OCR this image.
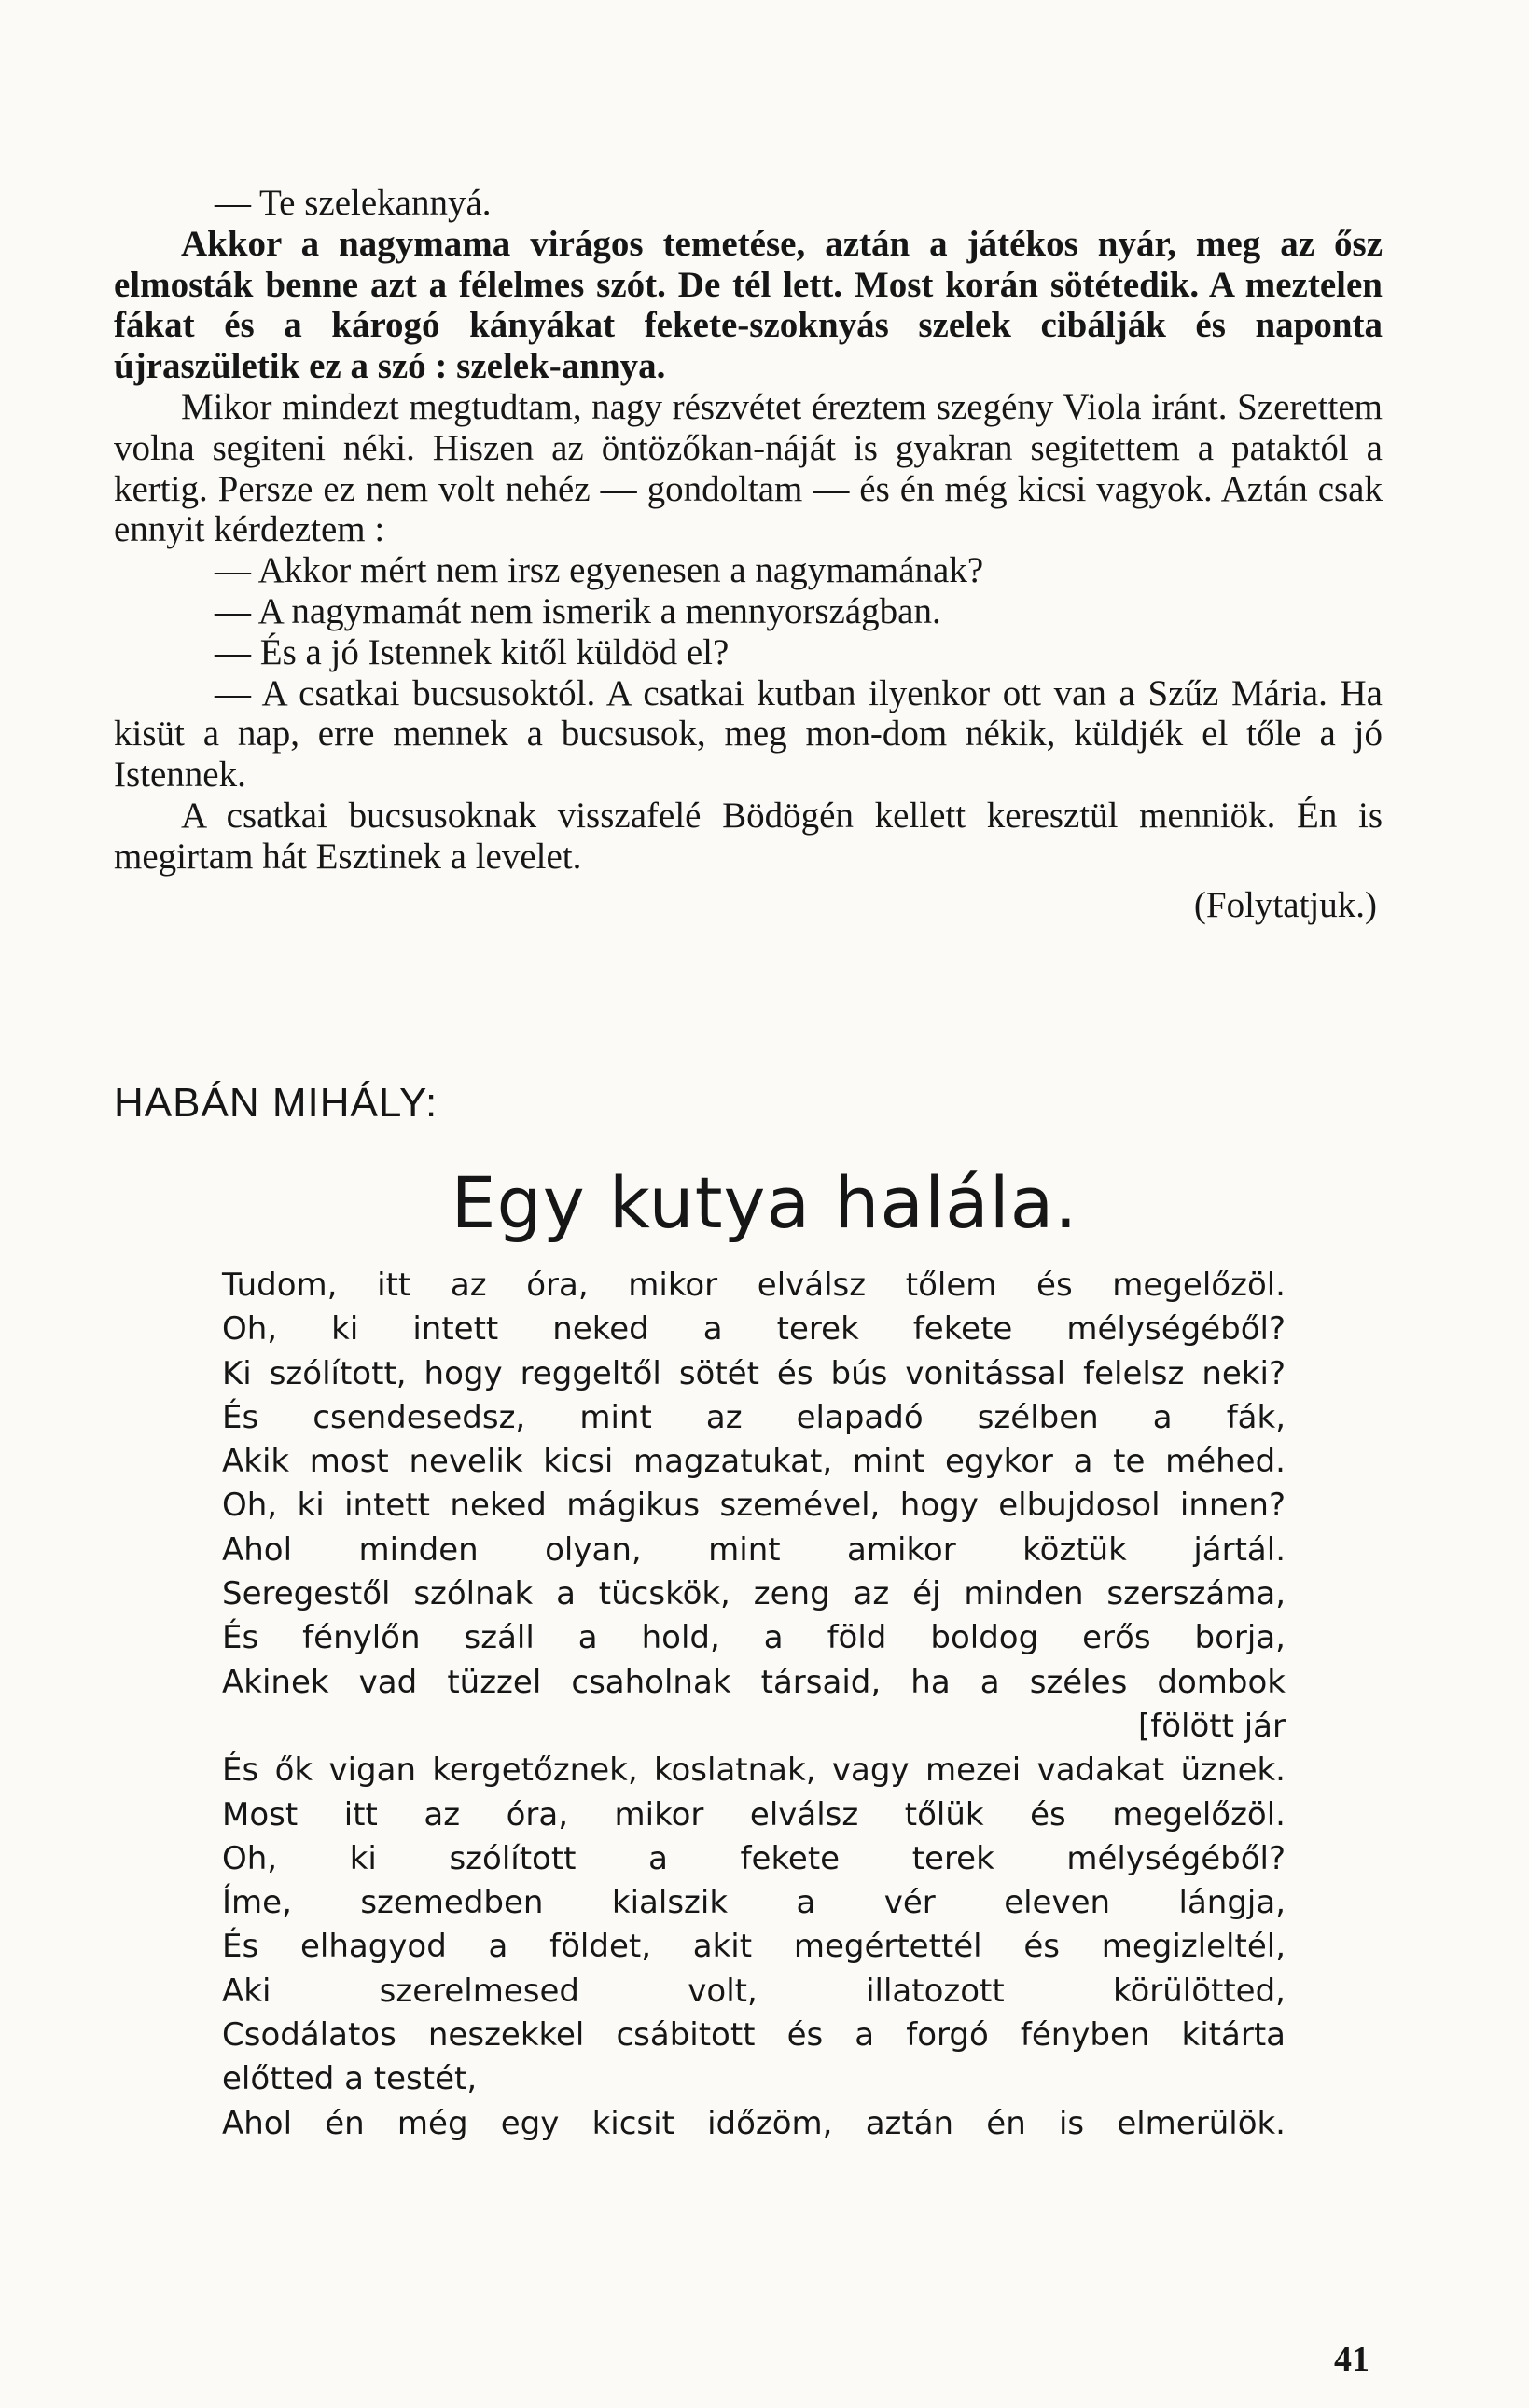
— Te szelekannyá.

Akkor a nagymama virágos temetése, aztán a játékos nyár, meg az ősz elmosták benne azt a félelmes szót. De tél lett. Most korán sötétedik. A meztelen fákat és a károgó kányákat fekete-szoknyás szelek cibálják és naponta újraszületik ez a szó : szelek-annya.

Mikor mindezt megtudtam, nagy részvétet éreztem szegény Viola iránt. Szerettem volna segiteni néki. Hiszen az öntözőkan-náját is gyakran segitettem a pataktól a kertig. Persze ez nem volt nehéz — gondoltam — és én még kicsi vagyok. Aztán csak ennyit kérdeztem :

— Akkor mért nem irsz egyenesen a nagymamának?

— A nagymamát nem ismerik a mennyországban.

— És a jó Istennek kitől küldöd el?

— A csatkai bucsusoktól. A csatkai kutban ilyenkor ott van a Szűz Mária. Ha kisüt a nap, erre mennek a bucsusok, meg mon-dom nékik, küldjék el tőle a jó Istennek.

A csatkai bucsusoknak visszafelé Bödögén kellett keresztül menniök. Én is megirtam hát Esztinek a levelet.

(Folytatjuk.)
HABÁN MIHÁLY:
Egy kutya halála.
Tudom, itt az óra, mikor elválsz tőlem és megelőzöl.
Oh, ki intett neked a terek fekete mélységéből?
Ki szólított, hogy reggeltől sötét és bús vonitással felelsz neki?
És csendesedsz, mint az elapadó szélben a fák,
Akik most nevelik kicsi magzatukat, mint egykor a te méhed.
Oh, ki intett neked mágikus szemével, hogy elbujdosol innen?
Ahol minden olyan, mint amikor köztük jártál.
Seregestől szólnak a tücskök, zeng az éj minden szerszáma,
És fénylőn száll a hold, a föld boldog erős borja,
Akinek vad tüzzel csaholnak társaid, ha a széles dombok
[fölött jár
És ők vigan kergetőznek, koslatnak, vagy mezei vadakat üznek.
Most itt az óra, mikor elválsz tőlük és megelőzöl.
Oh, ki szólított a fekete terek mélységéből?
Íme, szemedben kialszik a vér eleven lángja,
És elhagyod a földet, akit megértettél és megizleltél,
Aki szerelmesed volt, illatozott körülötted,
Csodálatos neszekkel csábitott és a forgó fényben kitárta
előtted a testét,
Ahol én még egy kicsit időzöm, aztán én is elmerülök.
41
